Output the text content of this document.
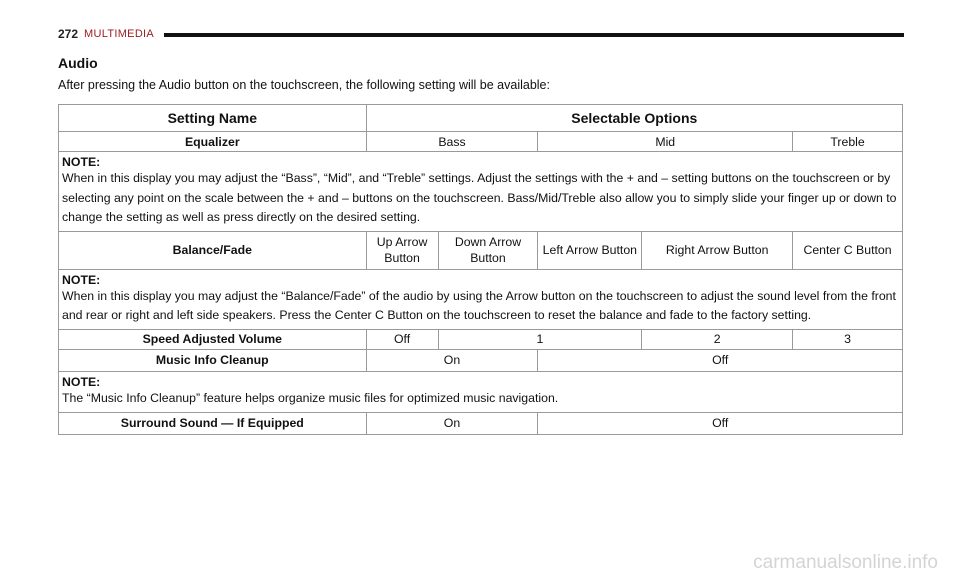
272 MULTIMEDIA
Audio
After pressing the Audio button on the touchscreen, the following setting will be available:
Setting Name	Selectable Options				
Equalizer	Bass		Mid		Treble

NOTE:
When in this display you may adjust the “Bass”, “Mid”, and “Treble” settings. Adjust the settings with the + and – setting buttons on the touchscreen or by selecting any point on the scale between the + and – buttons on the touchscreen. Bass/Mid/Treble also allow you to simply slide your finger up or down to change the setting as well as press directly on the desired setting.					
Balance/Fade	Up Arrow Button	Down Arrow Button	Left Arrow Button	Right Arrow Button	Center C Button

NOTE:
When in this display you may adjust the “Balance/Fade” of the audio by using the Arrow button on the touchscreen to adjust the sound level from the front and rear or right and left side speakers. Press the Center C Button on the touchscreen to reset the balance and fade to the factory setting.					
Speed Adjusted Volume	Off	1		2	3
Music Info Cleanup	On		Off		

NOTE:
The “Music Info Cleanup” feature helps organize music files for optimized music navigation.					
Surround Sound — If Equipped	On		Off		
carmanualsonline.info
